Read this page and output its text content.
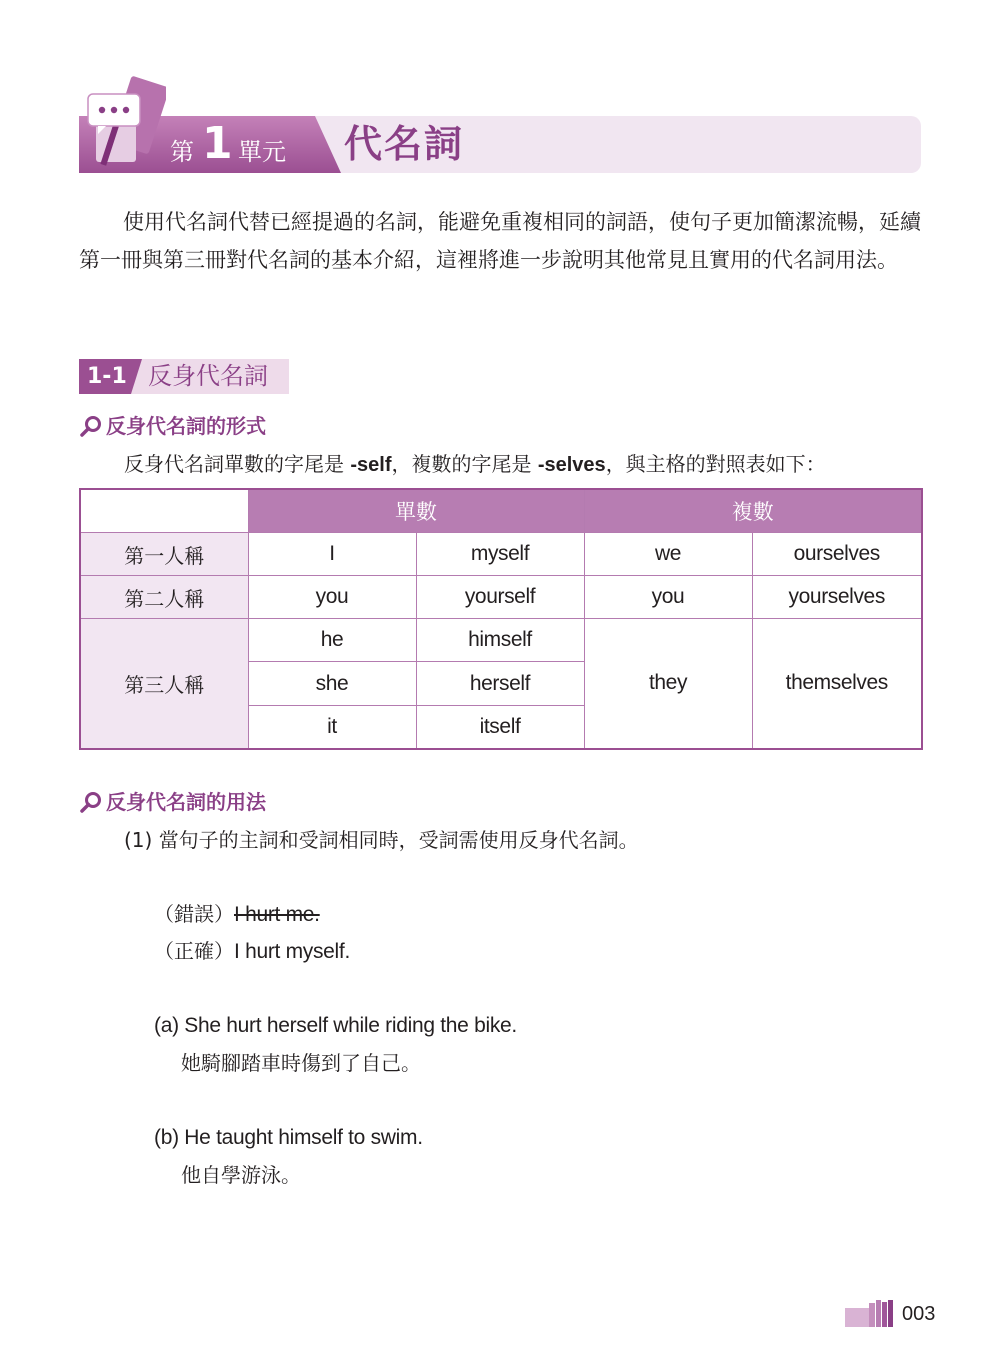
第 1 單元 代名詞

使用代名詞代替已經提過的名詞，能避免重複相同的詞語，使句子更加簡潔流暢，延續第一冊與第三冊對代名詞的基本介紹，這裡將進一步說明其他常見且實用的代名詞用法。

1-1 反身代名詞
反身代名詞的形式
反身代名詞單數的字尾是 -self，複數的字尾是 -selves，與主格的對照表如下：
	單數		複數	
第一人稱	I	myself	we	ourselves
第二人稱	you	yourself	you	yourselves
第三人稱	he	himself	they	themselves
	she	herself		
	it	itself		
反身代名詞的用法
(1) 當句子的主詞和受詞相同時，受詞需使用反身代名詞。
（錯誤）I hurt me.
（正確）I hurt myself.
(a) She hurt herself while riding the bike.
她騎腳踏車時傷到了自己。
(b) He taught himself to swim.
他自學游泳。
003
